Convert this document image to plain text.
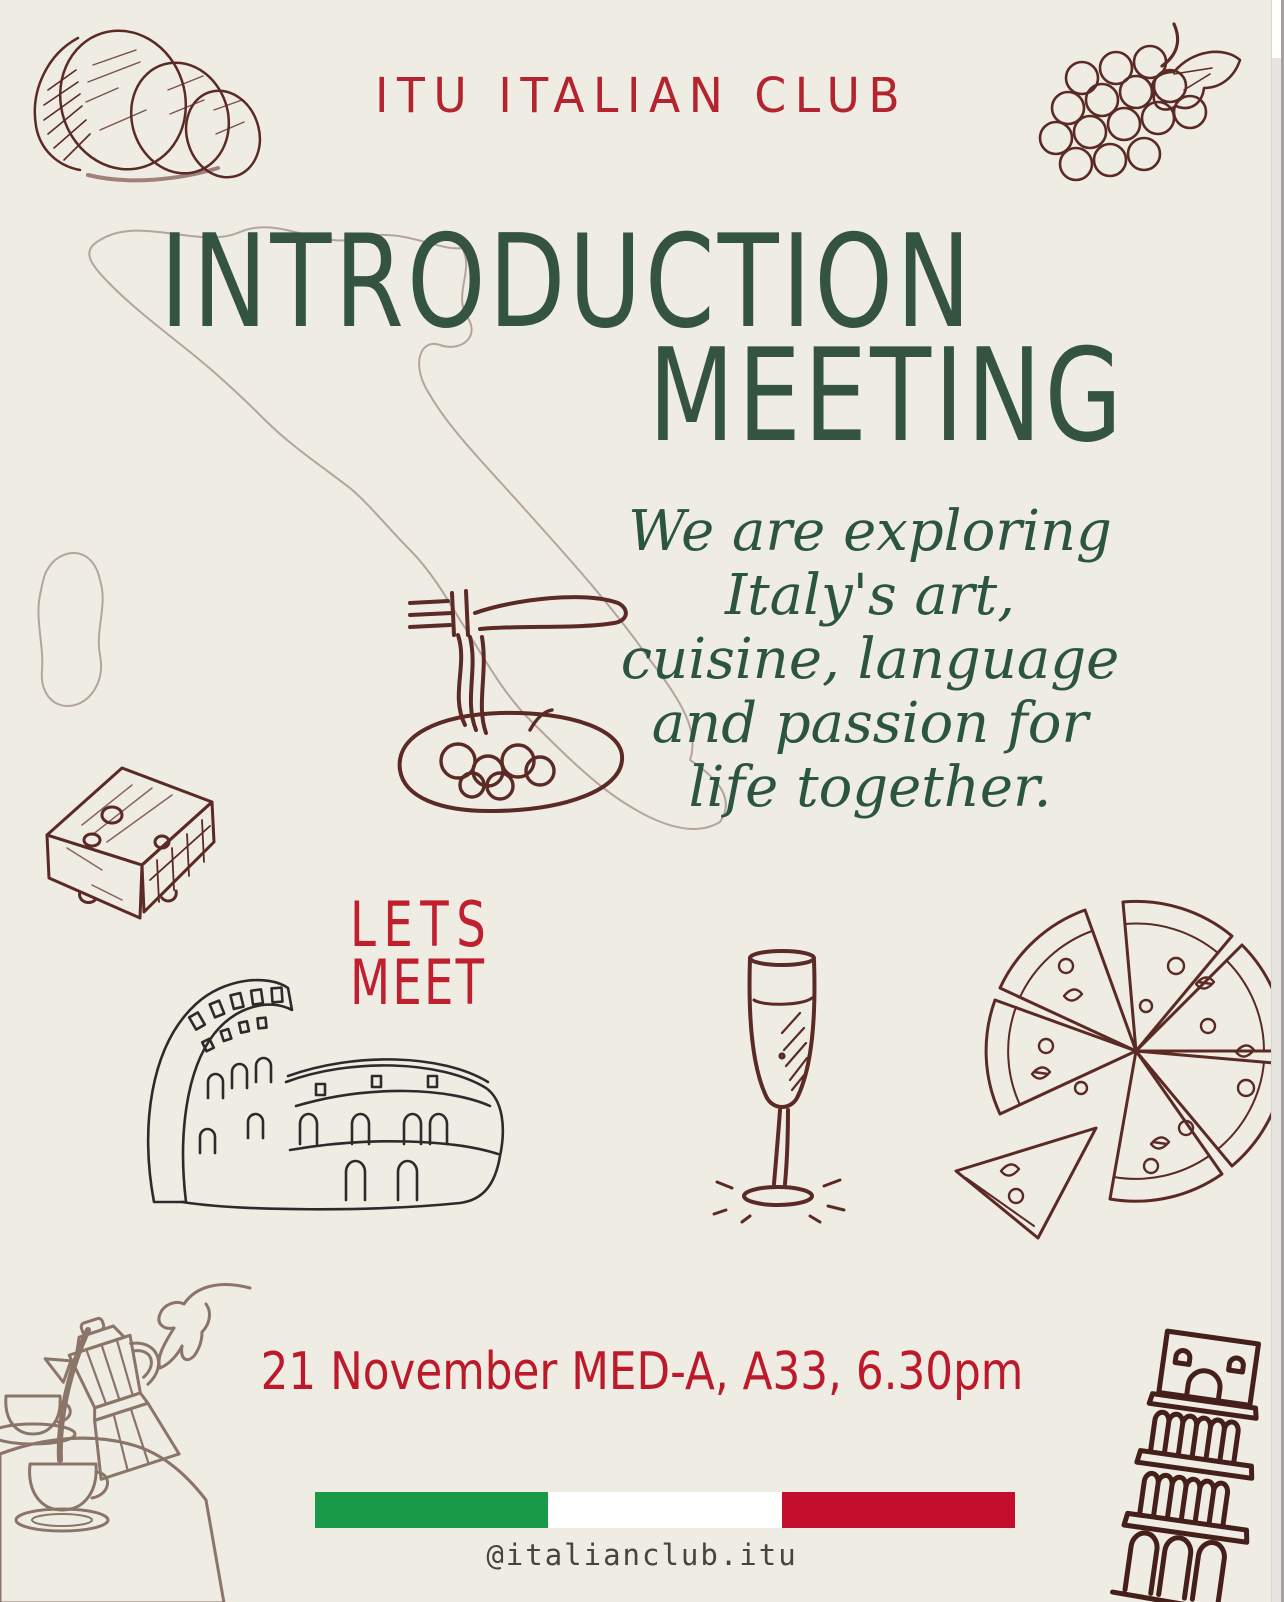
ITU ITALIAN CLUB
INTRODUCTION
MEETING
We are exploring
Italy's art,
cuisine, language
and passion for
life together.
LETS
MEET
21 November MED-A, A33, 6.30pm
@italianclub.itu
